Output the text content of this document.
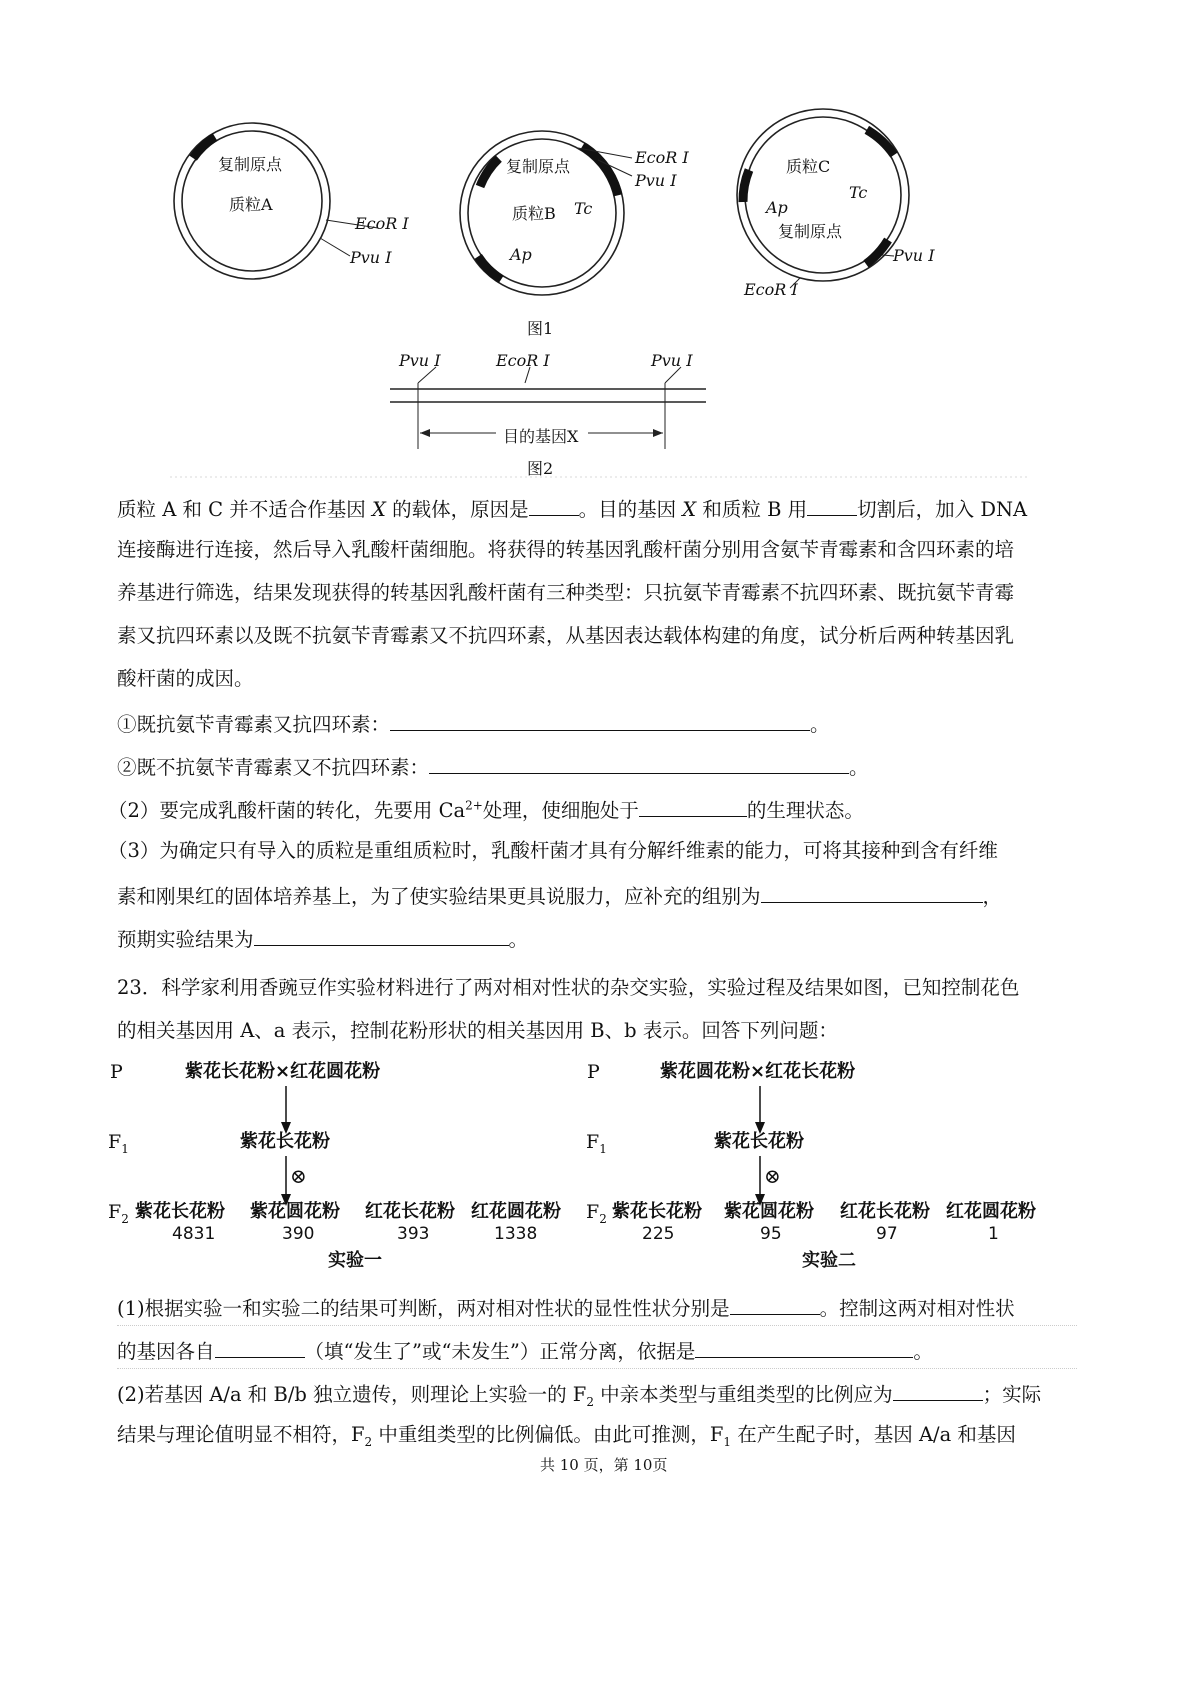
复制原点
质粒A
EcoR Ⅰ
Pvu Ⅰ
复制原点
质粒B Tc
Ap
EcoR Ⅰ
Pvu Ⅰ
质粒C
Tc
Ap
复制原点
Pvu Ⅰ
EcoR Ⅰ
图1
Pvu Ⅰ	EcoR Ⅰ	Pvu Ⅰ
目的基因X
图2
质粒 A 和 C 并不适合作基因 X 的载体，原因是	。目的基因 X 和质粒 B 用	切割后，加入 DNA
连接酶进行连接，然后导入乳酸杆菌细胞。将获得的转基因乳酸杆菌分别用含氨苄青霉素和含四环素的培
养基进行筛选，结果发现获得的转基因乳酸杆菌有三种类型：只抗氨苄青霉素不抗四环素、既抗氨苄青霉
素又抗四环素以及既不抗氨苄青霉素又不抗四环素，从基因表达载体构建的角度，试分析后两种转基因乳
酸杆菌的成因。
①既抗氨苄青霉素又抗四环素：	。
②既不抗氨苄青霉素又不抗四环素：	。
（2）要完成乳酸杆菌的转化，先要用 $Ca^{2+}$处理，使细胞处于	的生理状态。
（3）为确定只有导入的质粒是重组质粒时，乳酸杆菌才具有分解纤维素的能力，可将其接种到含有纤维
素和刚果红的固体培养基上，为了使实验结果更具说服力，应补充的组别为	，
预期实验结果为	。
23．科学家利用香豌豆作实验材料进行了两对相对性状的杂交实验，实验过程及结果如图，已知控制花色
的相关基因用 A、a 表示，控制花粉形状的相关基因用 B、b 表示。回答下列问题：
P	紫花长花粉×红花圆花粉
$F_1$	紫花长花粉
⊗
$F_2$ 紫花长花粉 紫花圆花粉 红花长花粉 红花圆花粉
4831	390	393	1338
实验一
P	紫花圆花粉×红花长花粉
$F_1$	紫花长花粉
⊗
$F_2$ 紫花长花粉 紫花圆花粉 红花长花粉 红花圆花粉
225	95	97	1
实验二
(1)根据实验一和实验二的结果可判断，两对相对性状的显性性状分别是	。控制这两对相对性状
的基因各自	（填“发生了”或“未发生”）正常分离，依据是	。
(2)若基因 A/a 和 B/b 独立遗传，则理论上实验一的 $F_2$ 中亲本类型与重组类型的比例应为	；实际
结果与理论值明显不相符，$F_2$ 中重组类型的比例偏低。由此可推测，$F_1$ 在产生配子时，基因 A/a 和基因
共 10 页，第 10页
